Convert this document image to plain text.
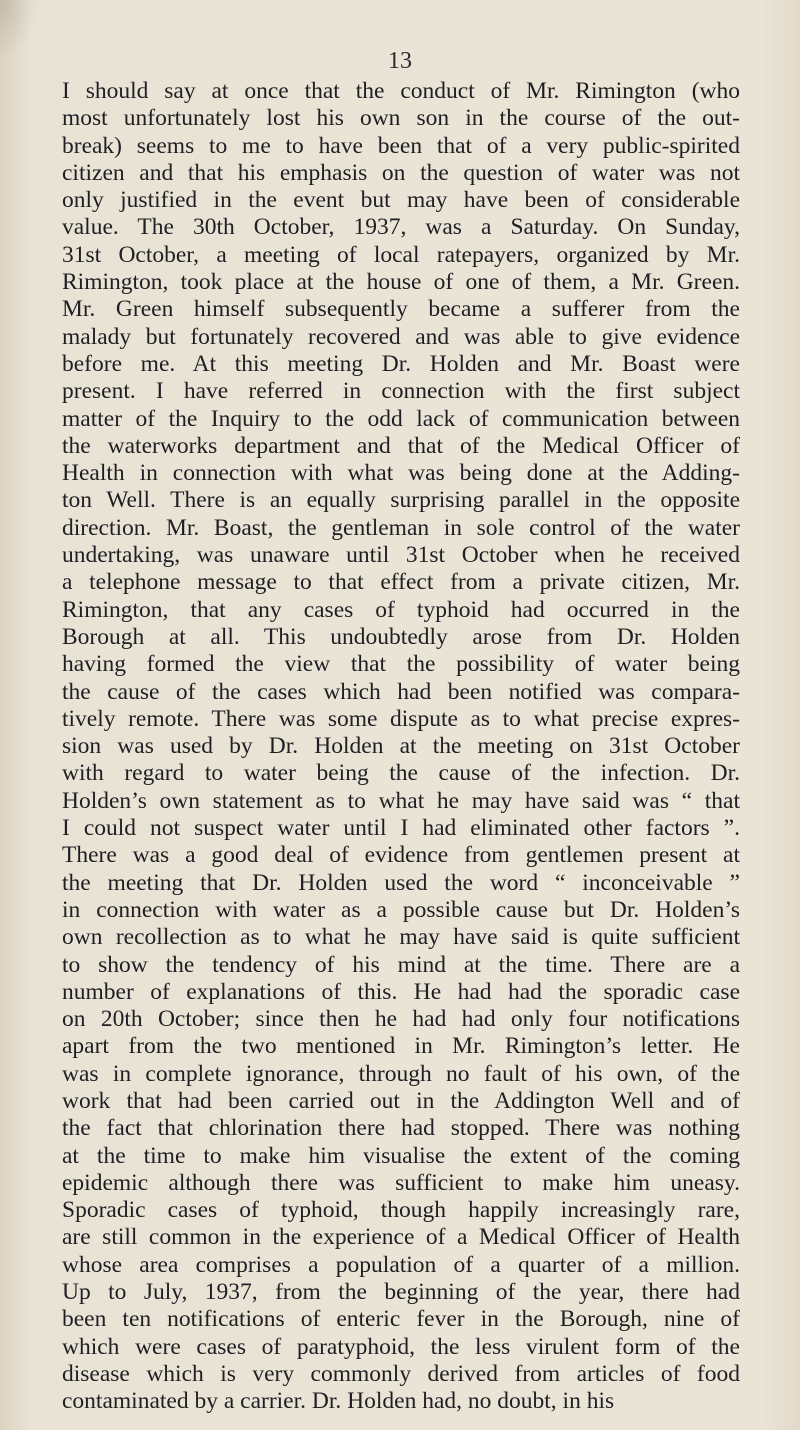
13
I should say at once that the conduct of Mr. Rimington (who
most unfortunately lost his own son in the course of the out-
break) seems to me to have been that of a very public-spirited
citizen and that his emphasis on the question of water was not
only justified in the event but may have been of considerable
value. The 30th October, 1937, was a Saturday. On Sunday,
31st October, a meeting of local ratepayers, organized by Mr.
Rimington, took place at the house of one of them, a Mr. Green.
Mr. Green himself subsequently became a sufferer from the
malady but fortunately recovered and was able to give evidence
before me. At this meeting Dr. Holden and Mr. Boast were
present. I have referred in connection with the first subject
matter of the Inquiry to the odd lack of communication between
the waterworks department and that of the Medical Officer of
Health in connection with what was being done at the Adding-
ton Well. There is an equally surprising parallel in the opposite
direction. Mr. Boast, the gentleman in sole control of the water
undertaking, was unaware until 31st October when he received
a telephone message to that effect from a private citizen, Mr.
Rimington, that any cases of typhoid had occurred in the
Borough at all. This undoubtedly arose from Dr. Holden
having formed the view that the possibility of water being
the cause of the cases which had been notified was compara-
tively remote. There was some dispute as to what precise expres-
sion was used by Dr. Holden at the meeting on 31st October
with regard to water being the cause of the infection. Dr.
Holden’s own statement as to what he may have said was “ that
I could not suspect water until I had eliminated other factors ”.
There was a good deal of evidence from gentlemen present at
the meeting that Dr. Holden used the word “ inconceivable ”
in connection with water as a possible cause but Dr. Holden’s
own recollection as to what he may have said is quite sufficient
to show the tendency of his mind at the time. There are a
number of explanations of this. He had had the sporadic case
on 20th October; since then he had had only four notifications
apart from the two mentioned in Mr. Rimington’s letter. He
was in complete ignorance, through no fault of his own, of the
work that had been carried out in the Addington Well and of
the fact that chlorination there had stopped. There was nothing
at the time to make him visualise the extent of the coming
epidemic although there was sufficient to make him uneasy.
Sporadic cases of typhoid, though happily increasingly rare,
are still common in the experience of a Medical Officer of Health
whose area comprises a population of a quarter of a million.
Up to July, 1937, from the beginning of the year, there had
been ten notifications of enteric fever in the Borough, nine of
which were cases of paratyphoid, the less virulent form of the
disease which is very commonly derived from articles of food
contaminated by a carrier. Dr. Holden had, no doubt, in his
